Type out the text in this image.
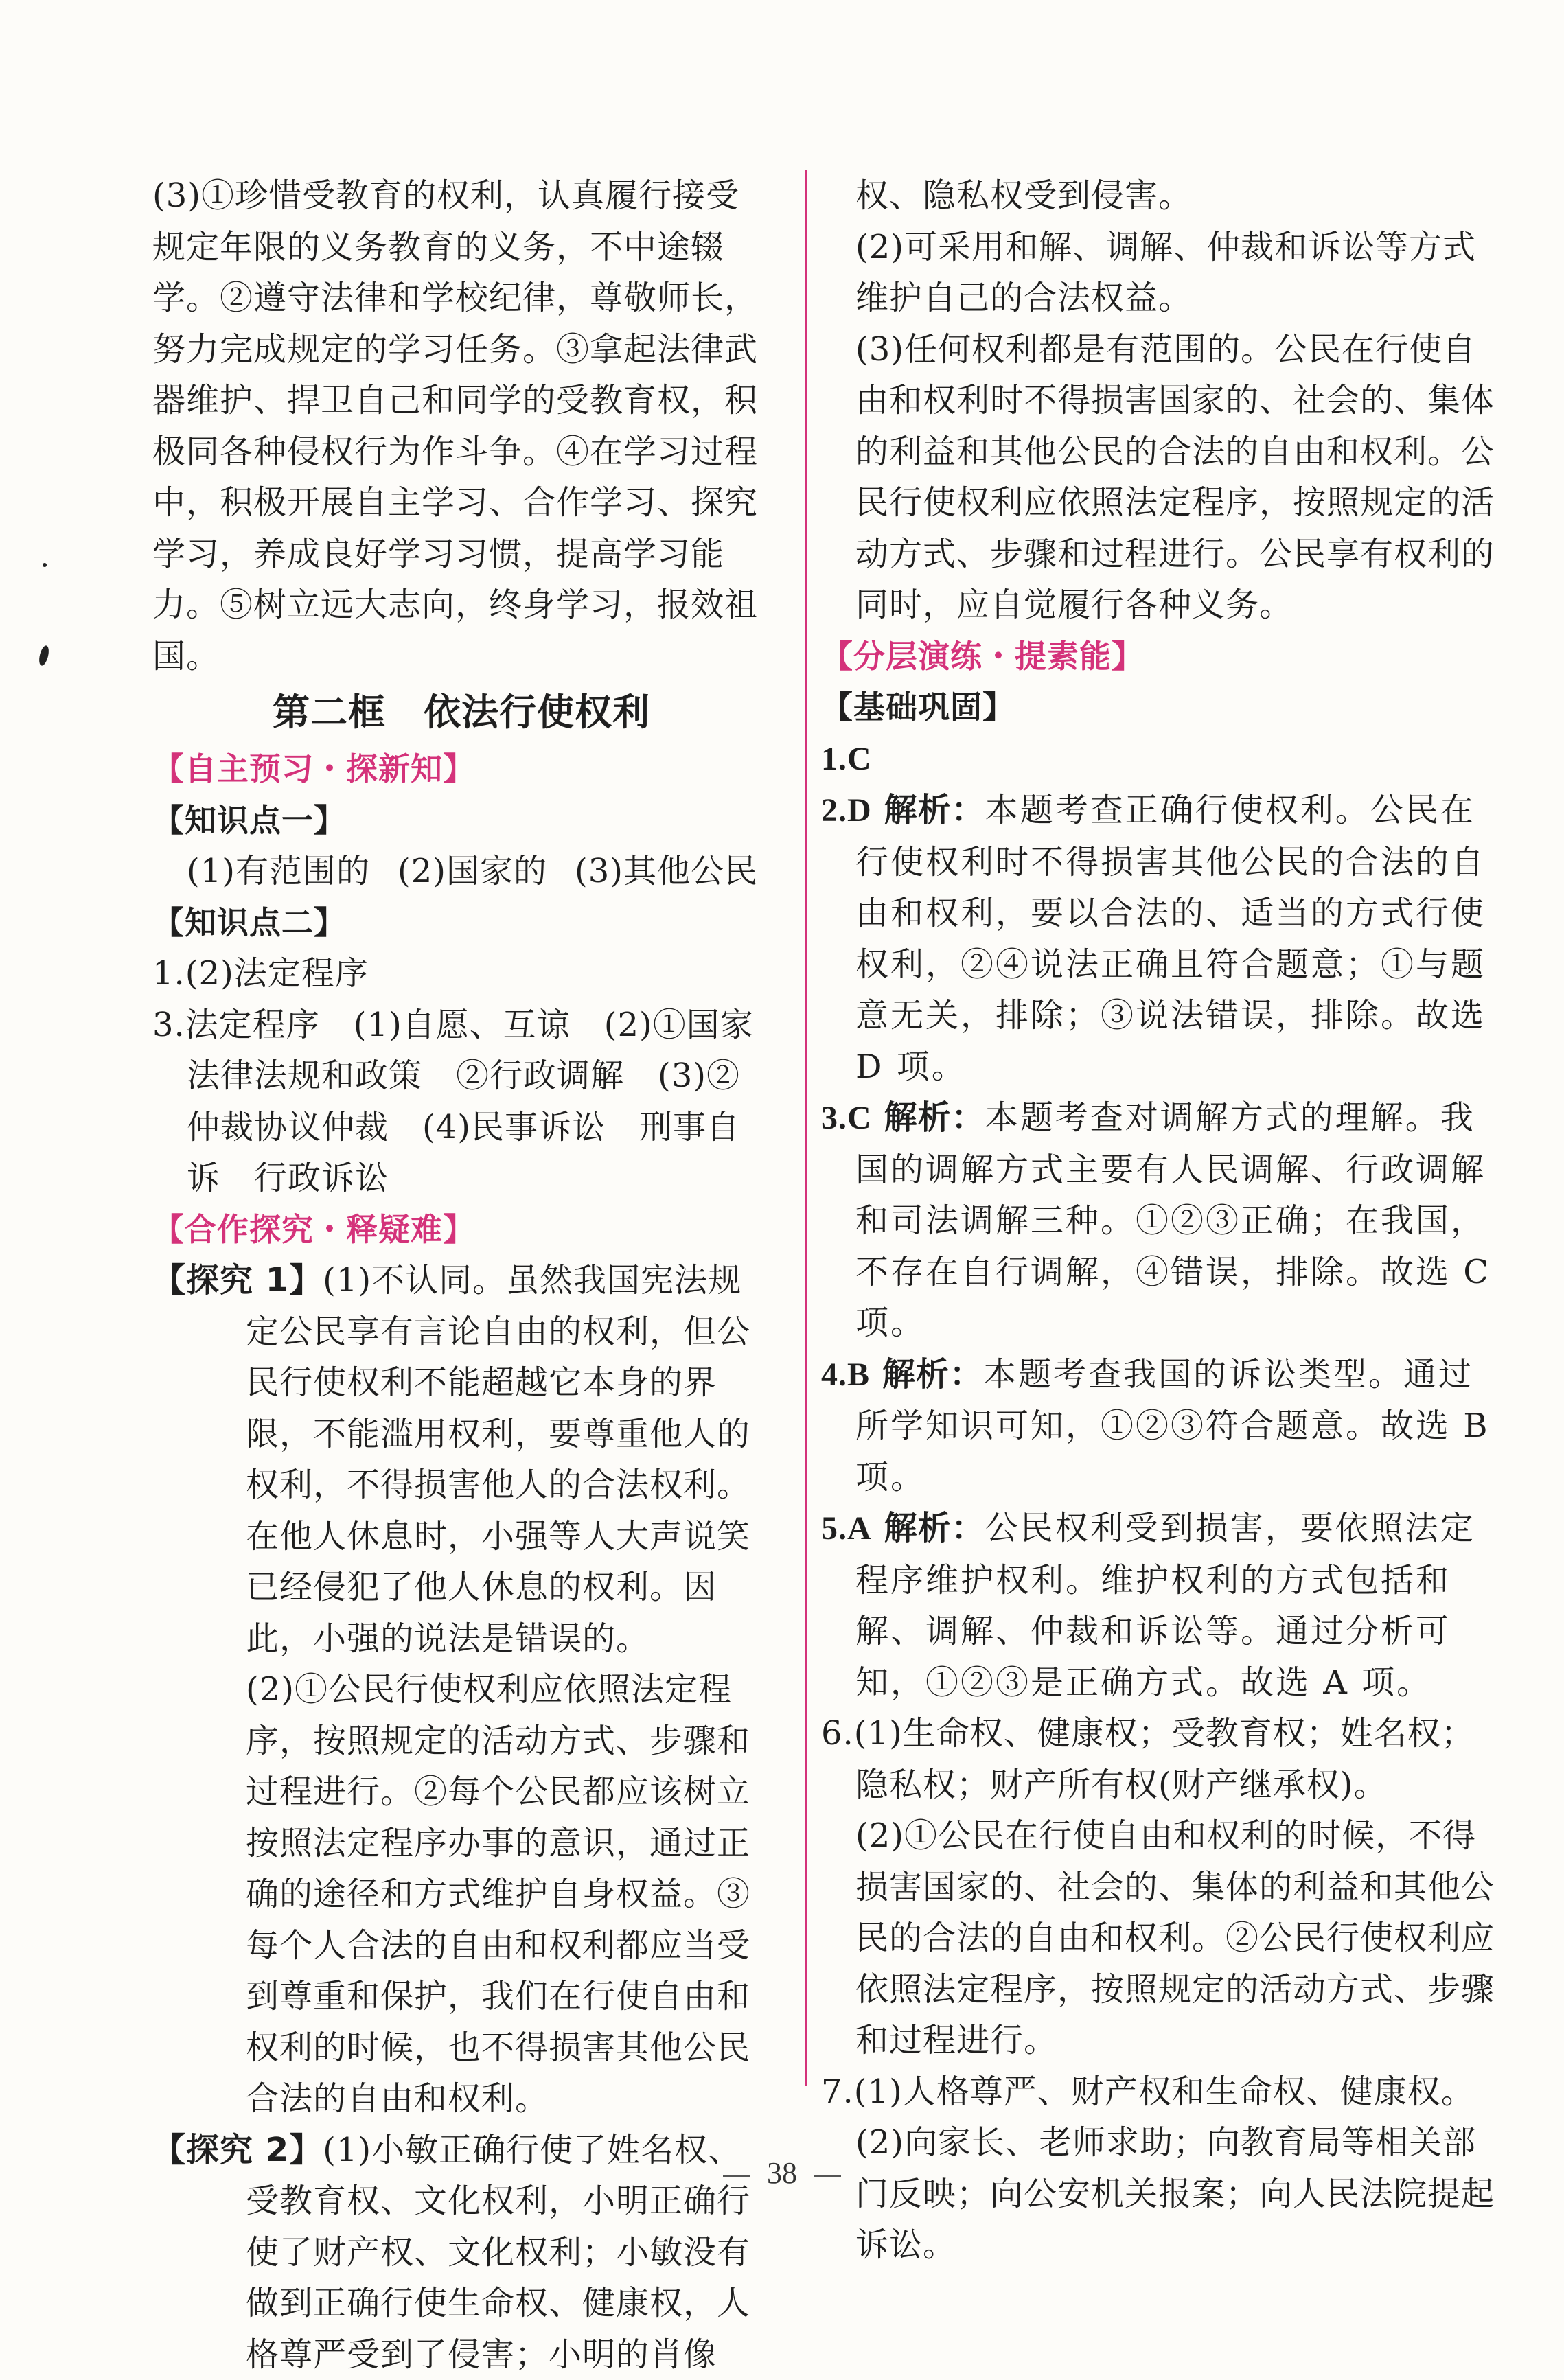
(3)①珍惜受教育的权利，认真履行接受规定年限的义务教育的义务，不中途辍学。②遵守法律和学校纪律，尊敬师长，努力完成规定的学习任务。③拿起法律武器维护、捍卫自己和同学的受教育权，积极同各种侵权行为作斗争。④在学习过程中，积极开展自主学习、合作学习、探究学习，养成良好学习习惯，提高学习能力。⑤树立远大志向，终身学习，报效祖国。

第二框　依法行使权利

【自主预习・探新知】

【知识点一】

(1)有范围的 (2)国家的 (3)其他公民

【知识点二】

1.(2)法定程序

3.法定程序　(1)自愿、互谅　(2)①国家法律法规和政策　②行政调解　(3)②仲裁协议仲裁　(4)民事诉讼　刑事自诉　行政诉讼

【合作探究・释疑难】

【探究 1】(1)不认同。虽然我国宪法规定公民享有言论自由的权利，但公民行使权利不能超越它本身的界限，不能滥用权利，要尊重他人的权利，不得损害他人的合法权利。在他人休息时，小强等人大声说笑已经侵犯了他人休息的权利。因此，小强的说法是错误的。

(2)①公民行使权利应依照法定程序，按照规定的活动方式、步骤和过程进行。②每个公民都应该树立按照法定程序办事的意识，通过正确的途径和方式维护自身权益。③每个人合法的自由和权利都应当受到尊重和保护，我们在行使自由和权利的时候，也不得损害其他公民合法的自由和权利。

【探究 2】(1)小敏正确行使了姓名权、受教育权、文化权利，小明正确行使了财产权、文化权利；小敏没有做到正确行使生命权、健康权，人格尊严受到了侵害；小明的肖像

权、隐私权受到侵害。

(2)可采用和解、调解、仲裁和诉讼等方式维护自己的合法权益。

(3)任何权利都是有范围的。公民在行使自由和权利时不得损害国家的、社会的、集体的利益和其他公民的合法的自由和权利。公民行使权利应依照法定程序，按照规定的活动方式、步骤和过程进行。公民享有权利的同时，应自觉履行各种义务。

【分层演练・提素能】

【基础巩固】

1.C

2.D 解析：本题考查正确行使权利。公民在行使权利时不得损害其他公民的合法的自由和权利，要以合法的、适当的方式行使权利，②④说法正确且符合题意；①与题意无关，排除；③说法错误，排除。故选 D 项。

3.C 解析：本题考查对调解方式的理解。我国的调解方式主要有人民调解、行政调解和司法调解三种。①②③正确；在我国，不存在自行调解，④错误，排除。故选 C 项。

4.B 解析：本题考查我国的诉讼类型。通过所学知识可知，①②③符合题意。故选 B 项。

5.A 解析：公民权利受到损害，要依照法定程序维护权利。维护权利的方式包括和解、调解、仲裁和诉讼等。通过分析可知，①②③是正确方式。故选 A 项。

6.(1)生命权、健康权；受教育权；姓名权；隐私权；财产所有权(财产继承权)。

(2)①公民在行使自由和权利的时候，不得损害国家的、社会的、集体的利益和其他公民的合法的自由和权利。②公民行使权利应依照法定程序，按照规定的活动方式、步骤和过程进行。

7.(1)人格尊严、财产权和生命权、健康权。

(2)向家长、老师求助；向教育局等相关部门反映；向公安机关报案；向人民法院提起诉讼。

38
